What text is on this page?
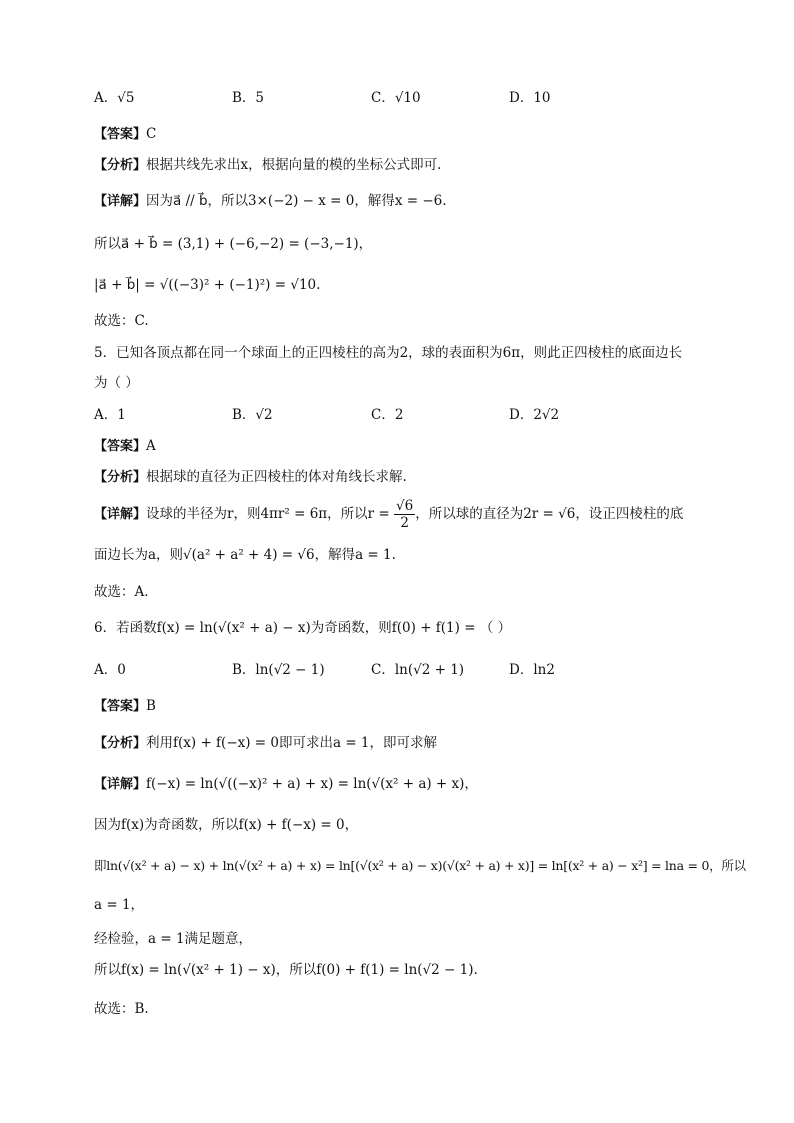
A．√5	B．5	C．√10	D．10
【答案】C
【分析】根据共线先求出x，根据向量的模的坐标公式即可.
【详解】因为a⃗ // b⃗，所以3×(−2) − x = 0，解得x = −6.
所以a⃗ + b⃗ = (3,1) + (−6,−2) = (−3,−1)，
|a⃗ + b⃗| = √((−3)² + (−1)²) = √10.
故选：C.
5．已知各顶点都在同一个球面上的正四棱柱的高为2，球的表面积为6π，则此正四棱柱的底面边长
为（ ）
A．1	B．√2	C．2	D．2√2
【答案】A
【分析】根据球的直径为正四棱柱的体对角线长求解.
【详解】设球的半径为r，则4πr² = 6π，所以$r = \frac{√6}{2}$ ，所以球的直径为2r = √6，设正四棱柱的底
面边长为a，则√(a² + a² + 4) = √6，解得a = 1.
故选：A.
6．若函数f(x) = ln(√(x² + a) − x)为奇函数，则f(0) + f(1) = （ ）
A．0	B．ln(√2 − 1)	C．ln(√2 + 1)	D．ln2
【答案】B
【分析】利用f(x) + f(−x) = 0即可求出a = 1，即可求解
【详解】f(−x) = ln(√((−x)² + a) + x) = ln(√(x² + a) + x)，
因为f(x)为奇函数，所以f(x) + f(−x) = 0，
即ln(√(x² + a) − x) + ln(√(x² + a) + x) = ln[(√(x² + a) − x)(√(x² + a) + x)] = ln[(x² + a) − x²] = lna = 0，所以
a = 1，
经检验，a = 1满足题意，
所以f(x) = ln(√(x² + 1) − x)，所以f(0) + f(1) = ln(√2 − 1).
故选：B.
